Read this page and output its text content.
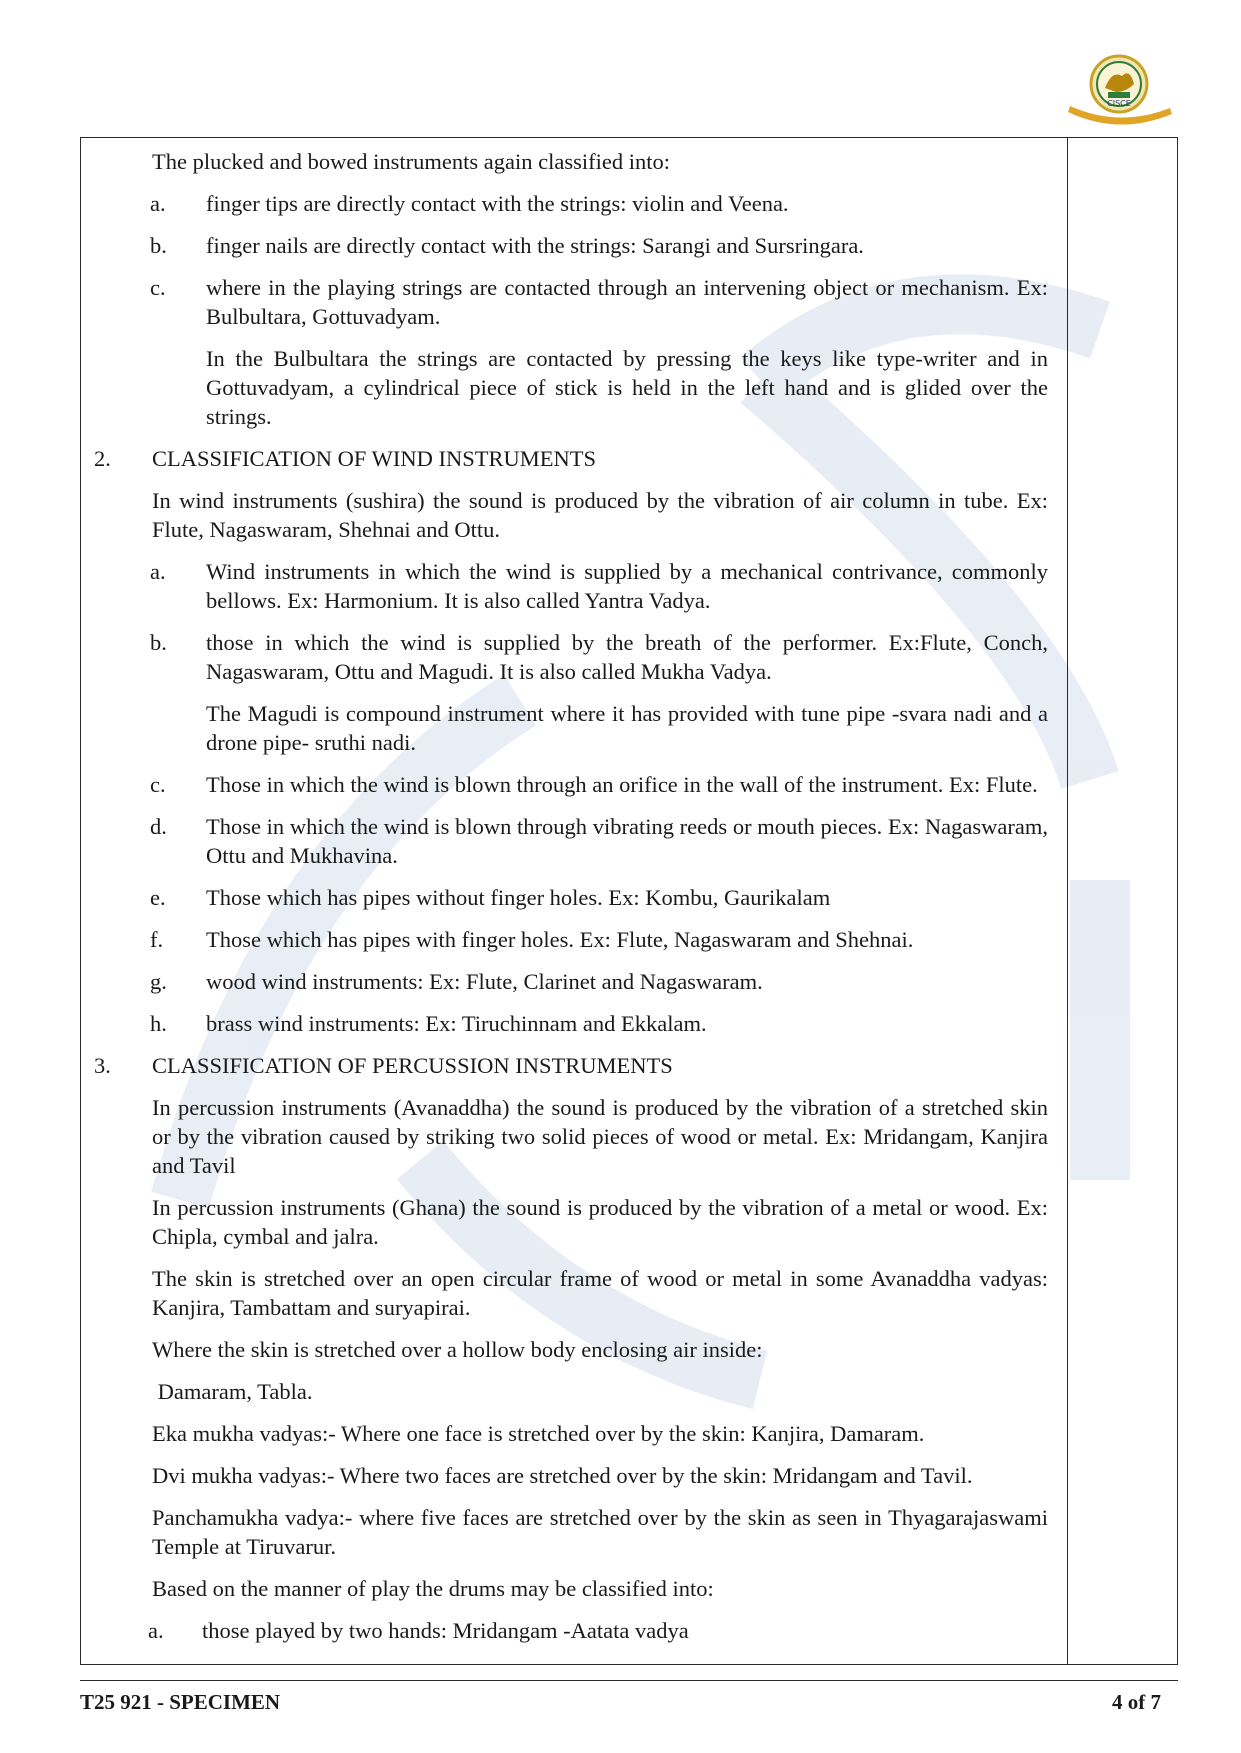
CISCE
The plucked and bowed instruments again classified into:
a. finger tips are directly contact with the strings: violin and Veena.
b. finger nails are directly contact with the strings: Sarangi and Sursringara.
c. where in the playing strings are contacted through an intervening object or mechanism. Ex: Bulbultara, Gottuvadyam.
In the Bulbultara the strings are contacted by pressing the keys like type-writer and in Gottuvadyam, a cylindrical piece of stick is held in the left hand and is glided over the strings.
2. CLASSIFICATION OF WIND INSTRUMENTS
In wind instruments (sushira) the sound is produced by the vibration of air column in tube. Ex: Flute, Nagaswaram, Shehnai and Ottu.
a. Wind instruments in which the wind is supplied by a mechanical contrivance, commonly bellows. Ex: Harmonium. It is also called Yantra Vadya.
b. those in which the wind is supplied by the breath of the performer. Ex:Flute, Conch, Nagaswaram, Ottu and Magudi. It is also called Mukha Vadya.
The Magudi is compound instrument where it has provided with tune pipe -svara nadi and a drone pipe- sruthi nadi.
c. Those in which the wind is blown through an orifice in the wall of the instrument. Ex: Flute.
d. Those in which the wind is blown through vibrating reeds or mouth pieces. Ex: Nagaswaram, Ottu and Mukhavina.
e. Those which has pipes without finger holes. Ex: Kombu, Gaurikalam
f. Those which has pipes with finger holes. Ex: Flute, Nagaswaram and Shehnai.
g. wood wind instruments: Ex: Flute, Clarinet and Nagaswaram.
h. brass wind instruments: Ex: Tiruchinnam and Ekkalam.
3. CLASSIFICATION OF PERCUSSION INSTRUMENTS
In percussion instruments (Avanaddha) the sound is produced by the vibration of a stretched skin or by the vibration caused by striking two solid pieces of wood or metal. Ex: Mridangam, Kanjira and Tavil
In percussion instruments (Ghana) the sound is produced by the vibration of a metal or wood. Ex: Chipla, cymbal and jalra.
The skin is stretched over an open circular frame of wood or metal in some Avanaddha vadyas: Kanjira, Tambattam and suryapirai.
Where the skin is stretched over a hollow body enclosing air inside:
Damaram, Tabla.
Eka mukha vadyas:- Where one face is stretched over by the skin: Kanjira, Damaram.
Dvi mukha vadyas:- Where two faces are stretched over by the skin: Mridangam and Tavil.
Panchamukha vadya:- where five faces are stretched over by the skin as seen in Thyagarajaswami Temple at Tiruvarur.
Based on the manner of play the drums may be classified into:
a. those played by two hands: Mridangam -Aatata vadya
T25 921 - SPECIMEN	4 of 7
